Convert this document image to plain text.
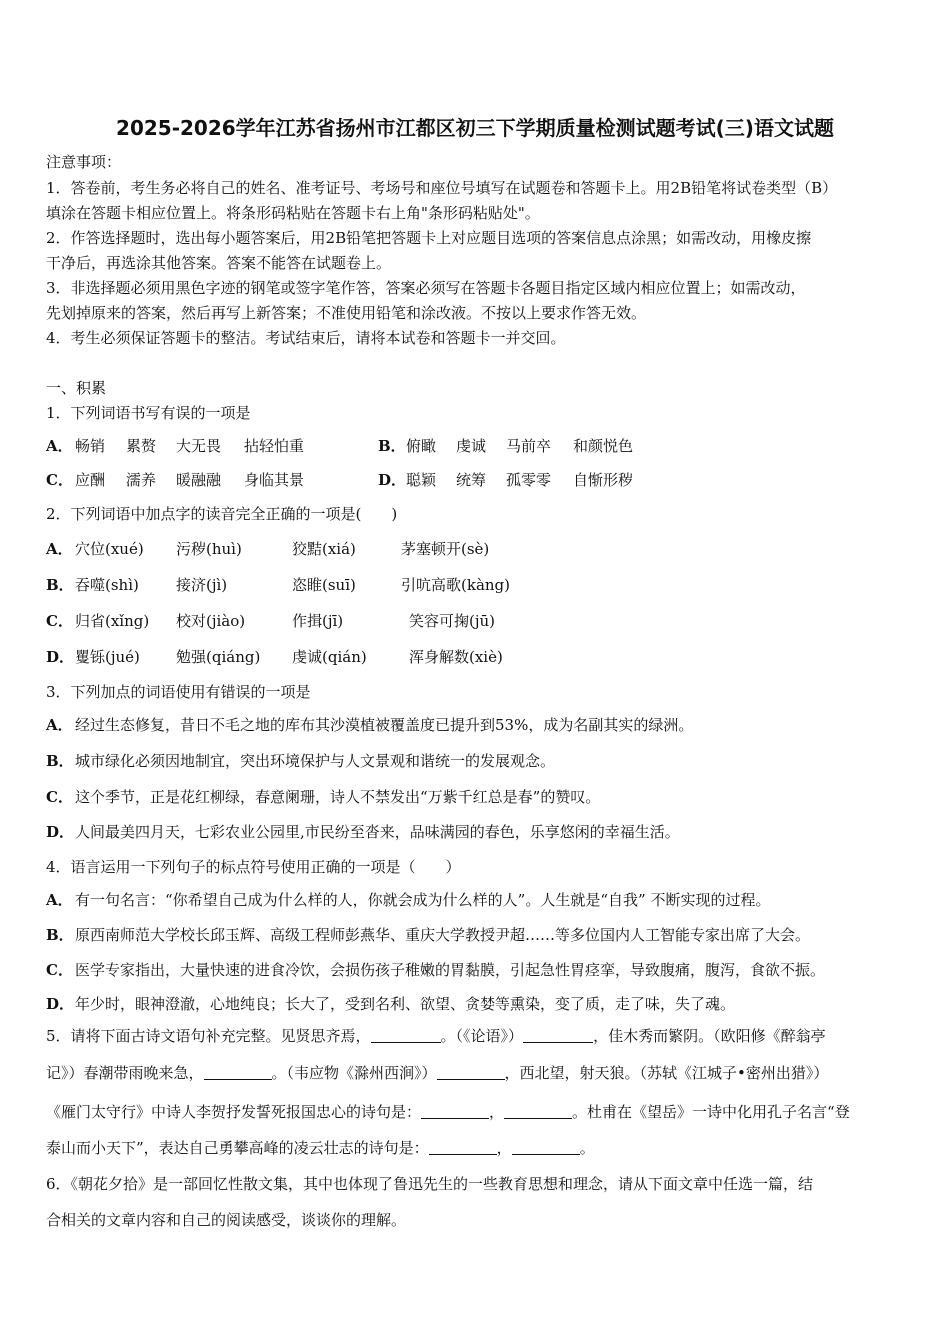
2025-2026学年江苏省扬州市江都区初三下学期质量检测试题考试(三)语文试题
注意事项：
1．答卷前，考生务必将自己的姓名、准考证号、考场号和座位号填写在试题卷和答题卡上。用2B铅笔将试卷类型（B）
填涂在答题卡相应位置上。将条形码粘贴在答题卡右上角"条形码粘贴处"。
2．作答选择题时，选出每小题答案后，用2B铅笔把答题卡上对应题目选项的答案信息点涂黑；如需改动，用橡皮擦
干净后，再选涂其他答案。答案不能答在试题卷上。
3．非选择题必须用黑色字迹的钢笔或签字笔作答，答案必须写在答题卡各题目指定区域内相应位置上；如需改动，
先划掉原来的答案，然后再写上新答案；不准使用铅笔和涂改液。不按以上要求作答无效。
4．考生必须保证答题卡的整洁。考试结束后，请将本试卷和答题卡一并交回。
一、积累
1．下列词语书写有误的一项是
A． 畅销 累赘 大无畏 拈轻怕重	B． 俯瞰 虔诚 马前卒 和颜悦色
C． 应酬 濡养 暖融融 身临其景	D． 聪颖 统筹 孤零零 自惭形秽
2．下列词语中加点字的读音完全正确的一项是(　　)
A． 穴位(xué) 污秽(huì)	狡黠(xiá)	茅塞顿开(sè)
B． 吞噬(shì) 接济(jì)	恣睢(suī)	引吭高歌(kàng)
C． 归省(xǐng) 校对(jiào)	作揖(jī)	笑容可掬(jū)
D． 矍铄(jué) 勉强(qiáng) 虔诚(qián)	浑身解数(xiè)
3．下列加点的词语使用有错误的一项是
A． 经过生态修复，昔日不毛之地的库布其沙漠植被覆盖度已提升到53%，成为名副其实的绿洲。
B． 城市绿化必须因地制宜，突出环境保护与人文景观和谐统一的发展观念。
C． 这个季节，正是花红柳绿，春意阑珊，诗人不禁发出“万紫千红总是春”的赞叹。
D． 人间最美四月天，七彩农业公园里,市民纷至沓来，品味满园的春色，乐享悠闲的幸福生活。
4．语言运用一下列句子的标点符号使用正确的一项是（　　）
A． 有一句名言：“你希望自己成为什么样的人，你就会成为什么样的人”。人生就是“自我” 不断实现的过程。
B． 原西南师范大学校长邱玉辉、高级工程师彭燕华、重庆大学教授尹超……等多位国内人工智能专家出席了大会。
C． 医学专家指出，大量快速的进食冷饮，会损伤孩子稚嫩的胃黏膜，引起急性胃痉挛，导致腹痛，腹泻，食欲不振。
D． 年少时，眼神澄澈，心地纯良；长大了，受到名利、欲望、贪婪等熏染，变了质，走了味，失了魂。
5．请将下面古诗文语句补充完整。见贤思齐焉，	。（《论语》）	，佳木秀而繁阴。（欧阳修《醉翁亭
记》）春潮带雨晚来急，	。（韦应物《滁州西涧》）	，西北望，射天狼。（苏轼《江城子•密州出猎》）
《雁门太守行》中诗人李贺抒发誓死报国忠心的诗句是：	，	。杜甫在《望岳》一诗中化用孔子名言“登
泰山而小天下”，表达自己勇攀高峰的凌云壮志的诗句是：	，	。
6．《朝花夕拾》是一部回忆性散文集，其中也体现了鲁迅先生的一些教育思想和理念，请从下面文章中任选一篇，结
合相关的文章内容和自己的阅读感受，谈谈你的理解。
